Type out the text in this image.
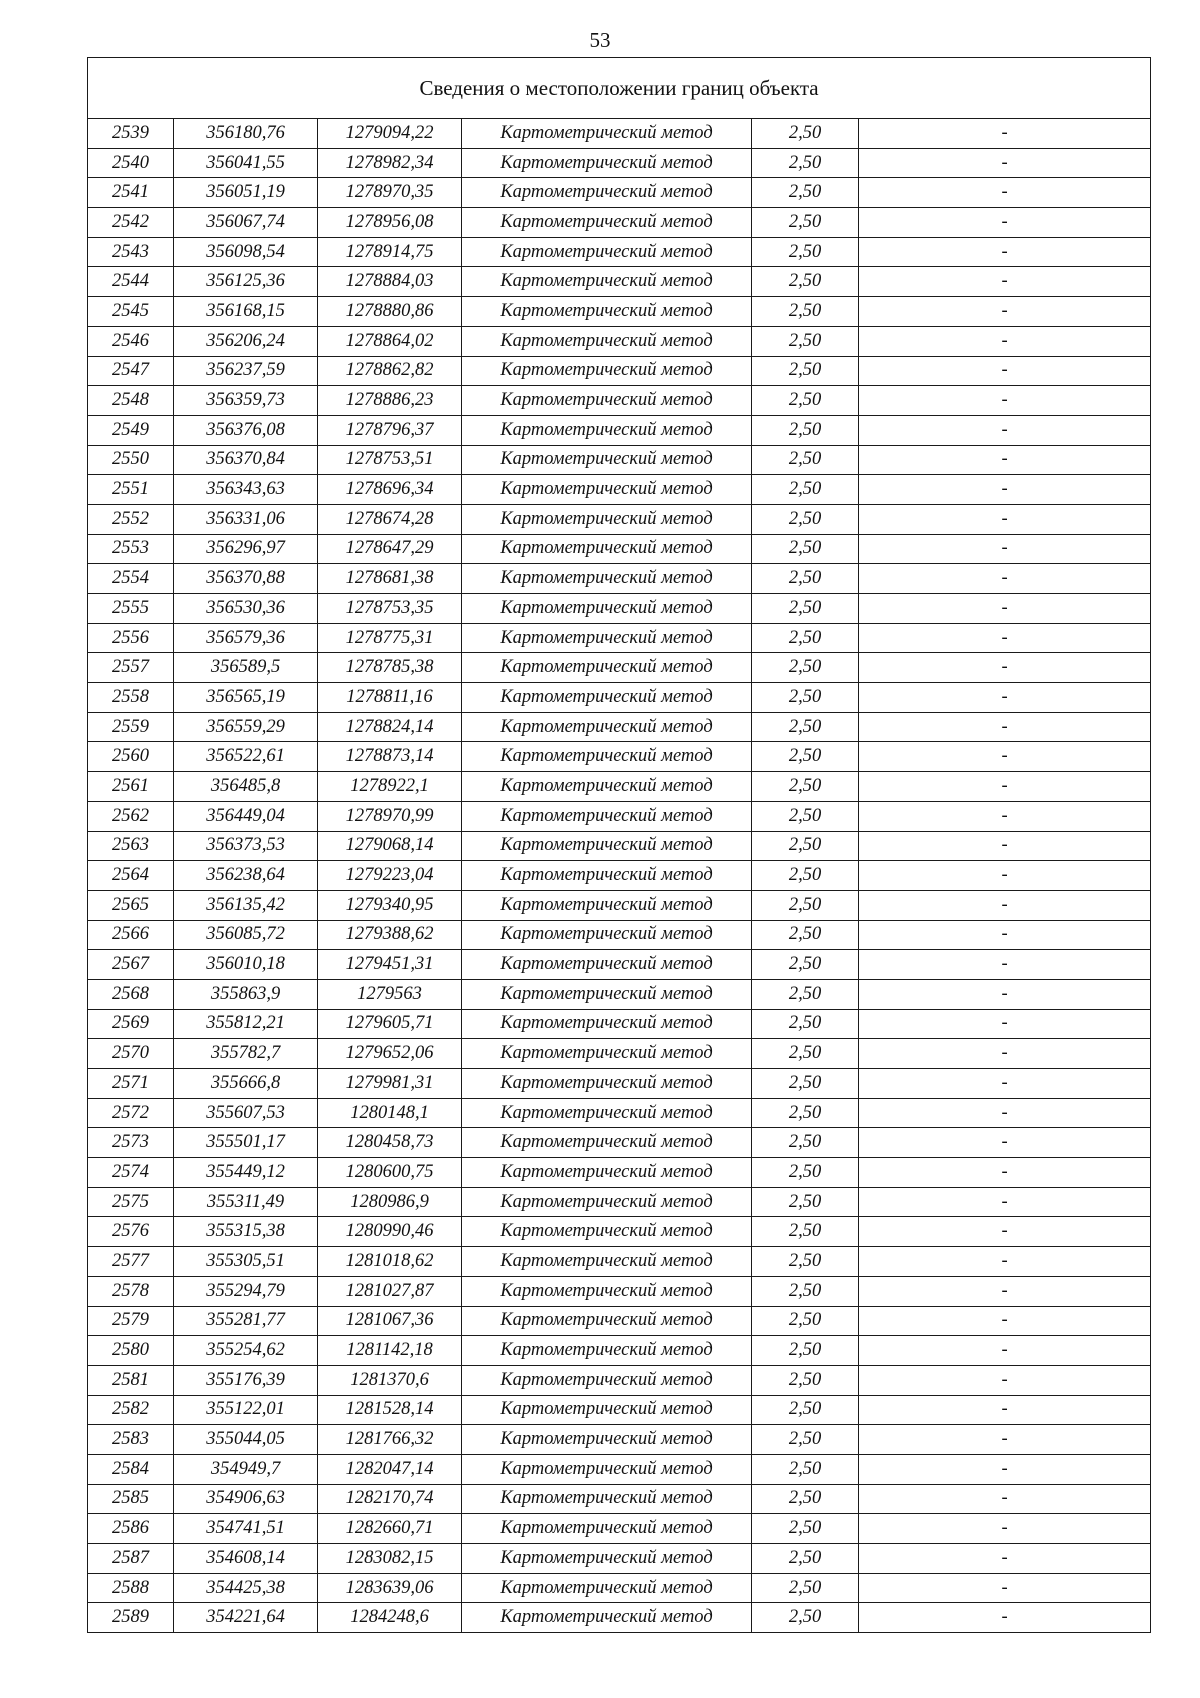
53
Сведения о местоположении границ объекта					
2539	356180,76	1279094,22	Картометрический метод	2,50	-
2540	356041,55	1278982,34	Картометрический метод	2,50	-
2541	356051,19	1278970,35	Картометрический метод	2,50	-
2542	356067,74	1278956,08	Картометрический метод	2,50	-
2543	356098,54	1278914,75	Картометрический метод	2,50	-
2544	356125,36	1278884,03	Картометрический метод	2,50	-
2545	356168,15	1278880,86	Картометрический метод	2,50	-
2546	356206,24	1278864,02	Картометрический метод	2,50	-
2547	356237,59	1278862,82	Картометрический метод	2,50	-
2548	356359,73	1278886,23	Картометрический метод	2,50	-
2549	356376,08	1278796,37	Картометрический метод	2,50	-
2550	356370,84	1278753,51	Картометрический метод	2,50	-
2551	356343,63	1278696,34	Картометрический метод	2,50	-
2552	356331,06	1278674,28	Картометрический метод	2,50	-
2553	356296,97	1278647,29	Картометрический метод	2,50	-
2554	356370,88	1278681,38	Картометрический метод	2,50	-
2555	356530,36	1278753,35	Картометрический метод	2,50	-
2556	356579,36	1278775,31	Картометрический метод	2,50	-
2557	356589,5	1278785,38	Картометрический метод	2,50	-
2558	356565,19	1278811,16	Картометрический метод	2,50	-
2559	356559,29	1278824,14	Картометрический метод	2,50	-
2560	356522,61	1278873,14	Картометрический метод	2,50	-
2561	356485,8	1278922,1	Картометрический метод	2,50	-
2562	356449,04	1278970,99	Картометрический метод	2,50	-
2563	356373,53	1279068,14	Картометрический метод	2,50	-
2564	356238,64	1279223,04	Картометрический метод	2,50	-
2565	356135,42	1279340,95	Картометрический метод	2,50	-
2566	356085,72	1279388,62	Картометрический метод	2,50	-
2567	356010,18	1279451,31	Картометрический метод	2,50	-
2568	355863,9	1279563	Картометрический метод	2,50	-
2569	355812,21	1279605,71	Картометрический метод	2,50	-
2570	355782,7	1279652,06	Картометрический метод	2,50	-
2571	355666,8	1279981,31	Картометрический метод	2,50	-
2572	355607,53	1280148,1	Картометрический метод	2,50	-
2573	355501,17	1280458,73	Картометрический метод	2,50	-
2574	355449,12	1280600,75	Картометрический метод	2,50	-
2575	355311,49	1280986,9	Картометрический метод	2,50	-
2576	355315,38	1280990,46	Картометрический метод	2,50	-
2577	355305,51	1281018,62	Картометрический метод	2,50	-
2578	355294,79	1281027,87	Картометрический метод	2,50	-
2579	355281,77	1281067,36	Картометрический метод	2,50	-
2580	355254,62	1281142,18	Картометрический метод	2,50	-
2581	355176,39	1281370,6	Картометрический метод	2,50	-
2582	355122,01	1281528,14	Картометрический метод	2,50	-
2583	355044,05	1281766,32	Картометрический метод	2,50	-
2584	354949,7	1282047,14	Картометрический метод	2,50	-
2585	354906,63	1282170,74	Картометрический метод	2,50	-
2586	354741,51	1282660,71	Картометрический метод	2,50	-
2587	354608,14	1283082,15	Картометрический метод	2,50	-
2588	354425,38	1283639,06	Картометрический метод	2,50	-
2589	354221,64	1284248,6	Картометрический метод	2,50	-
